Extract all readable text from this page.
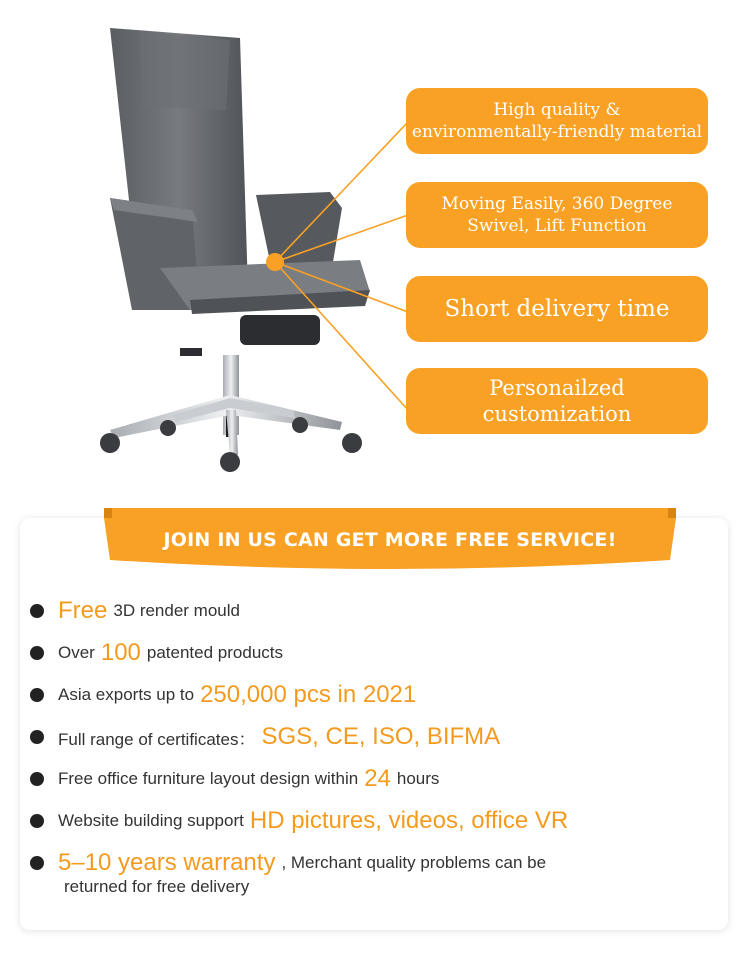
High quality &
environmentally-friendly material
Moving Easily, 360 Degree
Swivel, Lift Function
Short delivery time
Personailzed
customization
JOIN IN US CAN GET MORE FREE SERVICE!
Free 3D render mould
Over 100 patented products
Asia exports up to 250,000 pcs in 2021
Full range of certificates： SGS, CE, ISO, BIFMA
Free office furniture layout design within 24 hours
Website building support HD pictures, videos, office VR
5–10 years warranty , Merchant quality problems can be
returned for free delivery
